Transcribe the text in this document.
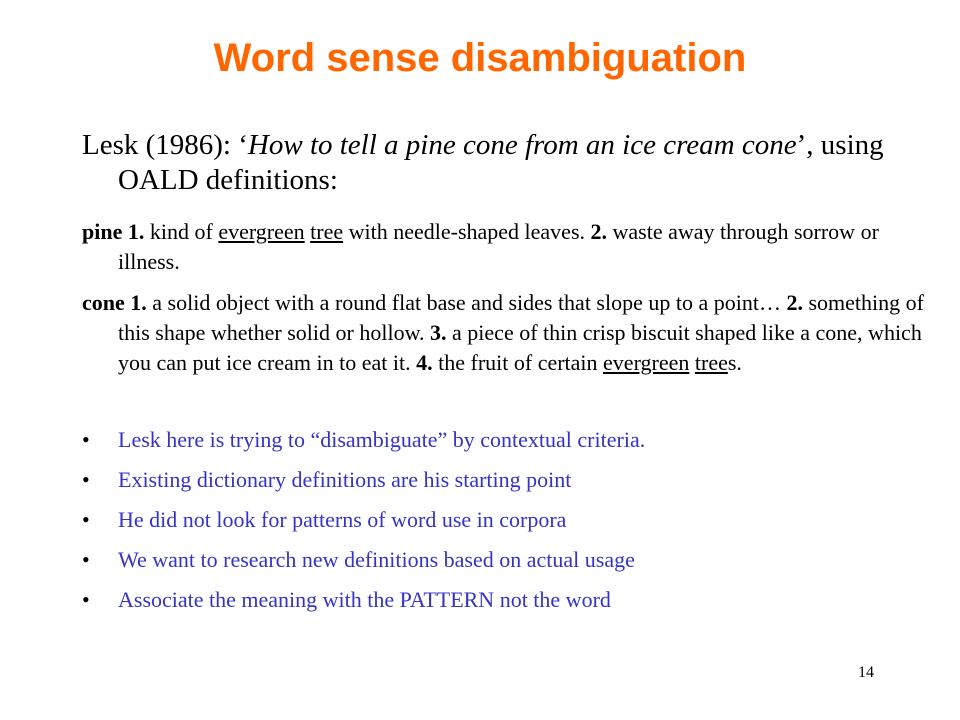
Word sense disambiguation
Lesk (1986): ‘How to tell a pine cone from an ice cream cone’, using OALD definitions:
pine 1. kind of evergreen tree with needle-shaped leaves. 2. waste away through sorrow or illness.
cone 1. a solid object with a round flat base and sides that slope up to a point… 2. something of this shape whether solid or hollow. 3. a piece of thin crisp biscuit shaped like a cone, which you can put ice cream in to eat it. 4. the fruit of certain evergreen trees.
• Lesk here is trying to “disambiguate” by contextual criteria.
• Existing dictionary definitions are his starting point
• He did not look for patterns of word use in corpora
• We want to research new definitions based on actual usage
• Associate the meaning with the PATTERN not the word
14
